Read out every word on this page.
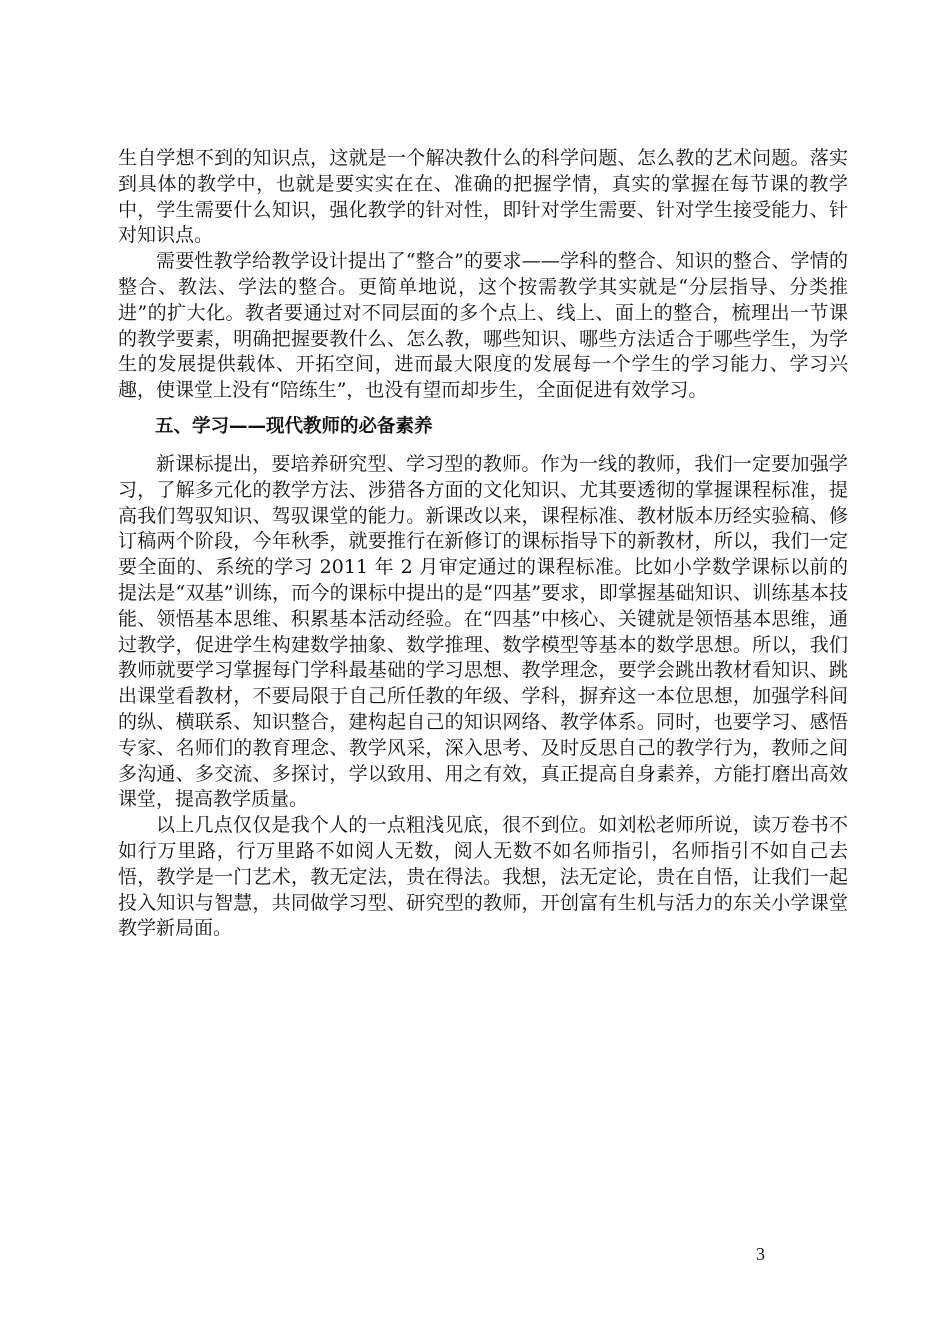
生自学想不到的知识点，这就是一个解决教什么的科学问题、怎么教的艺术问题。落实到具体的教学中，也就是要实实在在、准确的把握学情，真实的掌握在每节课的教学中，学生需要什么知识，强化教学的针对性，即针对学生需要、针对学生接受能力、针对知识点。

需要性教学给教学设计提出了“整合”的要求——学科的整合、知识的整合、学情的整合、教法、学法的整合。更简单地说，这个按需教学其实就是“分层指导、分类推进”的扩大化。教者要通过对不同层面的多个点上、线上、面上的整合，梳理出一节课的教学要素，明确把握要教什么、怎么教，哪些知识、哪些方法适合于哪些学生，为学生的发展提供载体、开拓空间，进而最大限度的发展每一个学生的学习能力、学习兴趣，使课堂上没有“陪练生”，也没有望而却步生，全面促进有效学习。

五、学习——现代教师的必备素养

新课标提出，要培养研究型、学习型的教师。作为一线的教师，我们一定要加强学习，了解多元化的教学方法、涉猎各方面的文化知识、尤其要透彻的掌握课程标准，提高我们驾驭知识、驾驭课堂的能力。新课改以来，课程标准、教材版本历经实验稿、修订稿两个阶段，今年秋季，就要推行在新修订的课标指导下的新教材，所以，我们一定要全面的、系统的学习 2011 年 2 月审定通过的课程标准。比如小学数学课标以前的提法是“双基”训练，而今的课标中提出的是“四基”要求，即掌握基础知识、训练基本技能、领悟基本思维、积累基本活动经验。在“四基”中核心、关键就是领悟基本思维，通过教学，促进学生构建数学抽象、数学推理、数学模型等基本的数学思想。所以，我们教师就要学习掌握每门学科最基础的学习思想、教学理念，要学会跳出教材看知识、跳出课堂看教材，不要局限于自己所任教的年级、学科，摒弃这一本位思想，加强学科间的纵、横联系、知识整合，建构起自己的知识网络、教学体系。同时，也要学习、感悟专家、名师们的教育理念、教学风采，深入思考、及时反思自己的教学行为，教师之间多沟通、多交流、多探讨，学以致用、用之有效，真正提高自身素养，方能打磨出高效课堂，提高教学质量。

以上几点仅仅是我个人的一点粗浅见底，很不到位。如刘松老师所说，读万卷书不如行万里路，行万里路不如阅人无数，阅人无数不如名师指引，名师指引不如自己去悟，教学是一门艺术，教无定法，贵在得法。我想，法无定论，贵在自悟，让我们一起投入知识与智慧，共同做学习型、研究型的教师，开创富有生机与活力的东关小学课堂教学新局面。

3
